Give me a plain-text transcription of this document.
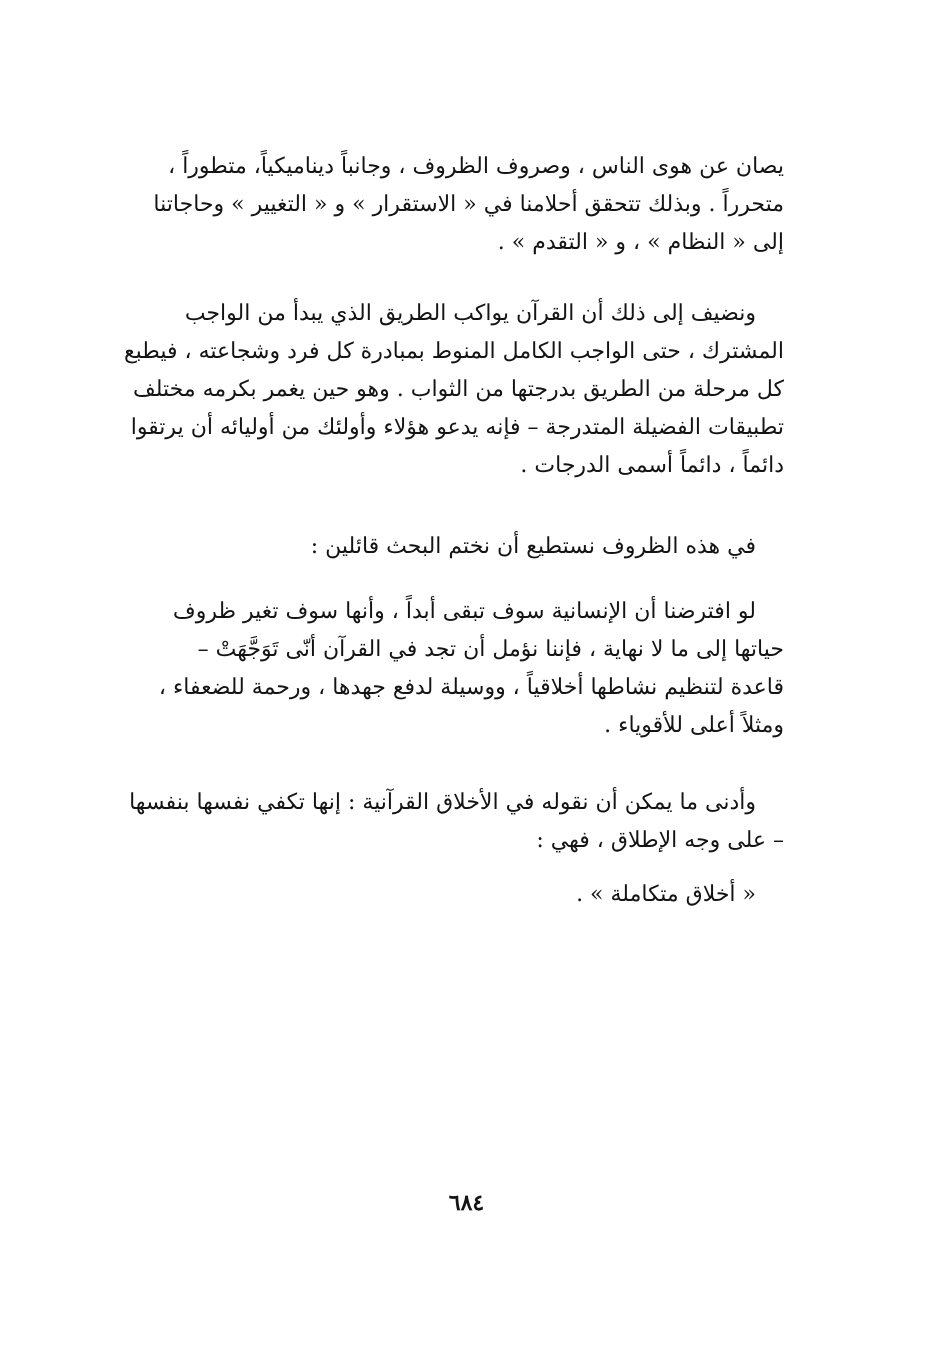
يصان عن هوى الناس ، وصروف الظروف ، وجانباً ديناميكياً، متطوراً ،
متحرراً . وبذلك تتحقق أحلامنا في « الاستقرار » و « التغيير » وحاجاتنا
إلى « النظام » ، و « التقدم » .

ونضيف إلى ذلك أن القرآن يواكب الطريق الذي يبدأ من الواجب
المشترك ، حتى الواجب الكامل المنوط بمبادرة كل فرد وشجاعته ، فيطبع
كل مرحلة من الطريق بدرجتها من الثواب . وهو حين يغمر بكرمه مختلف
تطبيقات الفضيلة المتدرجة – فإنه يدعو هؤلاء وأولئك من أوليائه أن يرتقوا
دائماً ، دائماً أسمى الدرجات .

في هذه الظروف نستطيع أن نختم البحث قائلين :

لو افترضنا أن الإنسانية سوف تبقى أبداً ، وأنها سوف تغير ظروف
حياتها إلى ما لا نهاية ، فإننا نؤمل أن تجد في القرآن أنّى تَوَجَّهَتْ –
قاعدة لتنظيم نشاطها أخلاقياً ، ووسيلة لدفع جهدها ، ورحمة للضعفاء ،
ومثلاً أعلى للأقوياء .

وأدنى ما يمكن أن نقوله في الأخلاق القرآنية : إنها تكفي نفسها بنفسها
– على وجه الإطلاق ، فهي :

« أخلاق متكاملة » .

٦٨٤
